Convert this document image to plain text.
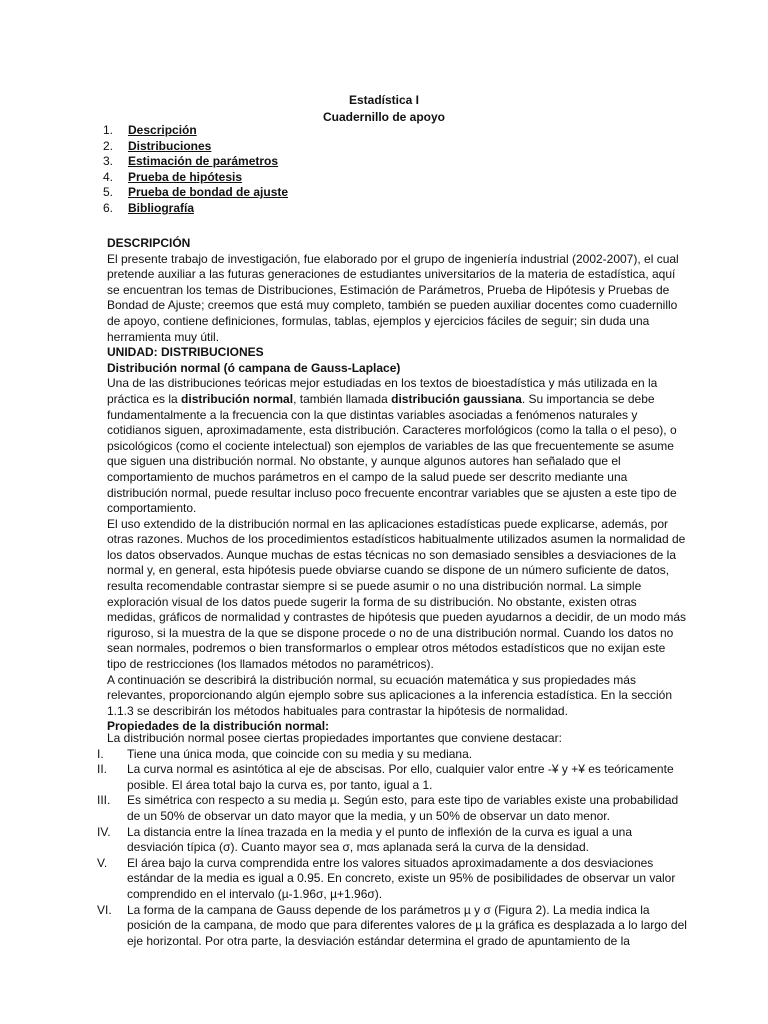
Estadística I
Cuadernillo de apoyo
1.	Descripción
2.	Distribuciones
3.	Estimación de parámetros
4.	Prueba de hipótesis
5.	Prueba de bondad de ajuste
6.	Bibliografía

DESCRIPCIÓN

El presente trabajo de investigación, fue elaborado por el grupo de ingeniería industrial (2002-2007), el cual pretende auxiliar a las futuras generaciones de estudiantes universitarios de la materia de estadística, aquí se encuentran los temas de Distribuciones, Estimación de Parámetros, Prueba de Hipótesis y Pruebas de Bondad de Ajuste; creemos que está muy completo, también se pueden auxiliar docentes como cuadernillo de apoyo, contiene definiciones, formulas, tablas, ejemplos y ejercicios fáciles de seguir; sin duda una herramienta muy útil.

UNIDAD: DISTRIBUCIONES

Distribución normal (ó campana de Gauss-Laplace)

Una de las distribuciones teóricas mejor estudiadas en los textos de bioestadística y más utilizada en la práctica es la distribución normal, también llamada distribución gaussiana. Su importancia se debe fundamentalmente a la frecuencia con la que distintas variables asociadas a fenómenos naturales y cotidianos siguen, aproximadamente, esta distribución. Caracteres morfológicos (como la talla o el peso), o psicológicos (como el cociente intelectual) son ejemplos de variables de las que frecuentemente se asume que siguen una distribución normal. No obstante, y aunque algunos autores han señalado que el comportamiento de muchos parámetros en el campo de la salud puede ser descrito mediante una distribución normal, puede resultar incluso poco frecuente encontrar variables que se ajusten a este tipo de comportamiento.

El uso extendido de la distribución normal en las aplicaciones estadísticas puede explicarse, además, por otras razones. Muchos de los procedimientos estadísticos habitualmente utilizados asumen la normalidad de los datos observados. Aunque muchas de estas técnicas no son demasiado sensibles a desviaciones de la normal y, en general, esta hipótesis puede obviarse cuando se dispone de un número suficiente de datos, resulta recomendable contrastar siempre si se puede asumir o no una distribución normal. La simple exploración visual de los datos puede sugerir la forma de su distribución. No obstante, existen otras medidas, gráficos de normalidad y contrastes de hipótesis que pueden ayudarnos a decidir, de un modo más riguroso, si la muestra de la que se dispone procede o no de una distribución normal. Cuando los datos no sean normales, podremos o bien transformarlos o emplear otros métodos estadísticos que no exijan este tipo de restricciones (los llamados métodos no paramétricos).

A continuación se describirá la distribución normal, su ecuación matemática y sus propiedades más relevantes, proporcionando algún ejemplo sobre sus aplicaciones a la inferencia estadística. En la sección 1.1.3 se describirán los métodos habituales para contrastar la hipótesis de normalidad.

Propiedades de la distribución normal:

La distribución normal posee ciertas propiedades importantes que conviene destacar:
I.	Tiene una única moda, que coincide con su media y su mediana.
II.	La curva normal es asintótica al eje de abscisas. Por ello, cualquier valor entre -¥ y +¥ es teóricamente posible. El área total bajo la curva es, por tanto, igual a 1.
III.	Es simétrica con respecto a su media µ. Según esto, para este tipo de variables existe una probabilidad de un 50% de observar un dato mayor que la media, y un 50% de observar un dato menor.
IV.	La distancia entre la línea trazada en la media y el punto de inflexión de la curva es igual a una desviación típica (σ). Cuanto mayor sea σ, mαs aplanada será la curva de la densidad.
V.	El área bajo la curva comprendida entre los valores situados aproximadamente a dos desviaciones estándar de la media es igual a 0.95. En concreto, existe un 95% de posibilidades de observar un valor comprendido en el intervalo (µ-1.96σ, µ+1.96σ).
VI.	La forma de la campana de Gauss depende de los parámetros µ y σ (Figura 2). La media indica la posición de la campana, de modo que para diferentes valores de µ la gráfica es desplazada a lo largo del eje horizontal. Por otra parte, la desviación estándar determina el grado de apuntamiento de la
